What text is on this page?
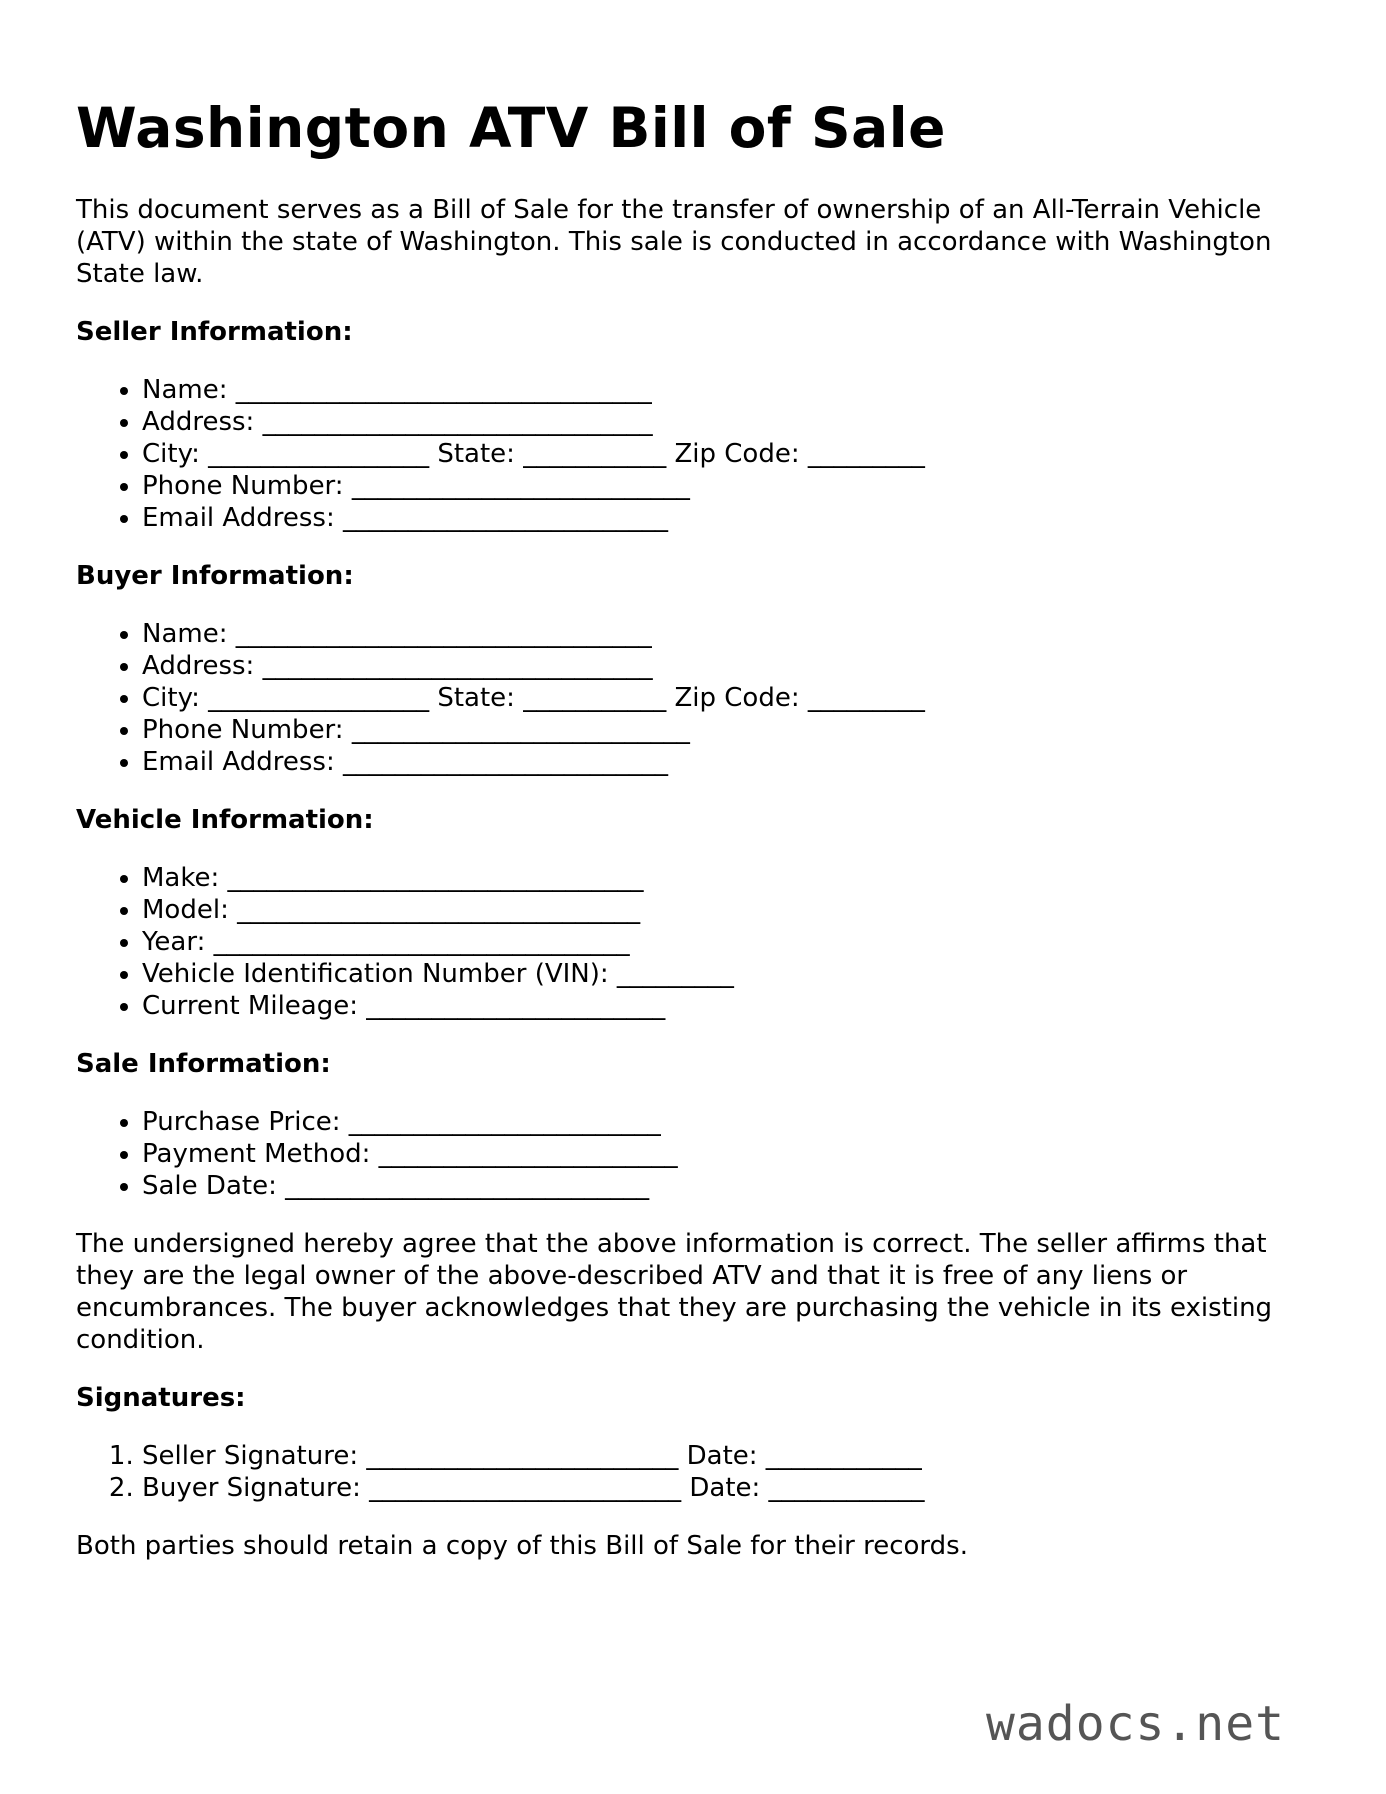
Washington ATV Bill of Sale

This document serves as a Bill of Sale for the transfer of ownership of an All-Terrain Vehicle (ATV) within the state of Washington. This sale is conducted in accordance with Washington State law.

Seller Information:
• Name: ________________________________
• Address: ______________________________
• City: _________________ State: ___________ Zip Code: _________
• Phone Number: __________________________
• Email Address: _________________________
Buyer Information:
• Name: ________________________________
• Address: ______________________________
• City: _________________ State: ___________ Zip Code: _________
• Phone Number: __________________________
• Email Address: _________________________
Vehicle Information:
• Make: ________________________________
• Model: _______________________________
• Year: ________________________________
• Vehicle Identification Number (VIN): _________
• Current Mileage: _______________________
Sale Information:
• Purchase Price: ________________________
• Payment Method: _______________________
• Sale Date: ____________________________

The undersigned hereby agree that the above information is correct. The seller affirms that they are the legal owner of the above-described ATV and that it is free of any liens or encumbrances. The buyer acknowledges that they are purchasing the vehicle in its existing condition.

Signatures:
1. Seller Signature: ________________________ Date: ____________
2. Buyer Signature: ________________________ Date: ____________

Both parties should retain a copy of this Bill of Sale for their records.

wadocs.net
